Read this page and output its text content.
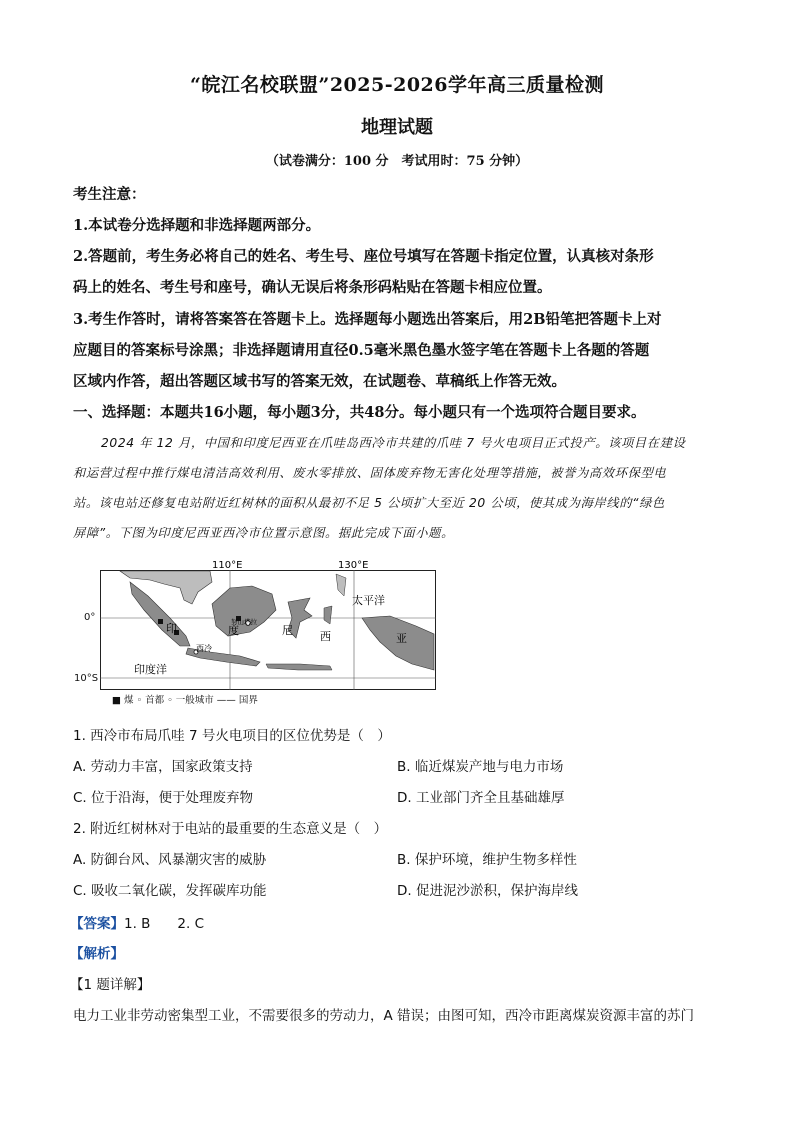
“皖江名校联盟”2025-2026学年高三质量检测
地理试题
（试卷满分：100 分　考试用时：75 分钟）
考生注意：
1.本试卷分选择题和非选择题两部分。
2.答题前，考生务必将自己的姓名、考生号、座位号填写在答题卡指定位置，认真核对条形
码上的姓名、考生号和座号，确认无误后将条形码粘贴在答题卡相应位置。
3.考生作答时，请将答案答在答题卡上。选择题每小题选出答案后，用2B铅笔把答题卡上对
应题目的答案标号涂黑；非选择题请用直径0.5毫米黑色墨水签字笔在答题卡上各题的答题
区域内作答，超出答题区域书写的答案无效，在试题卷、草稿纸上作答无效。
一、选择题：本题共16小题，每小题3分，共48分。每小题只有一个选项符合题目要求。
2024 年 12 月，中国和印度尼西亚在爪哇岛西冷市共建的爪哇 7 号火电项目正式投产。该项目在建设
和运营过程中推行煤电清洁高效利用、废水零排放、固体废弃物无害化处理等措施，被誉为高效环保型电
站。该电站还修复电站附近红树林的面积从最初不足 5 公顷扩大至近 20 公顷，使其成为海岸线的“绿色
屏障”。下图为印度尼西亚西冷市位置示意图。据此完成下面小题。
110°E	130°E
太平洋
印度洋
西冷
印	度	尼 西	亚
努山塔拉
0°
10°S
■ 煤 ◦ 首都 ◦ 一般城市 —— 国界
1. 西冷市布局爪哇 7 号火电项目的区位优势是（　）
A. 劳动力丰富，国家政策支持	B. 临近煤炭产地与电力市场
C. 位于沿海，便于处理废弃物	D. 工业部门齐全且基础雄厚
2. 附近红树林对于电站的最重要的生态意义是（　）
A. 防御台风、风暴潮灾害的威胁	B. 保护环境，维护生物多样性
C. 吸收二氧化碳，发挥碳库功能	D. 促进泥沙淤积，保护海岸线
【答案】1. B　　2. C
【解析】
【1 题详解】
电力工业非劳动密集型工业，不需要很多的劳动力，A 错误；由图可知，西冷市距离煤炭资源丰富的苏门
